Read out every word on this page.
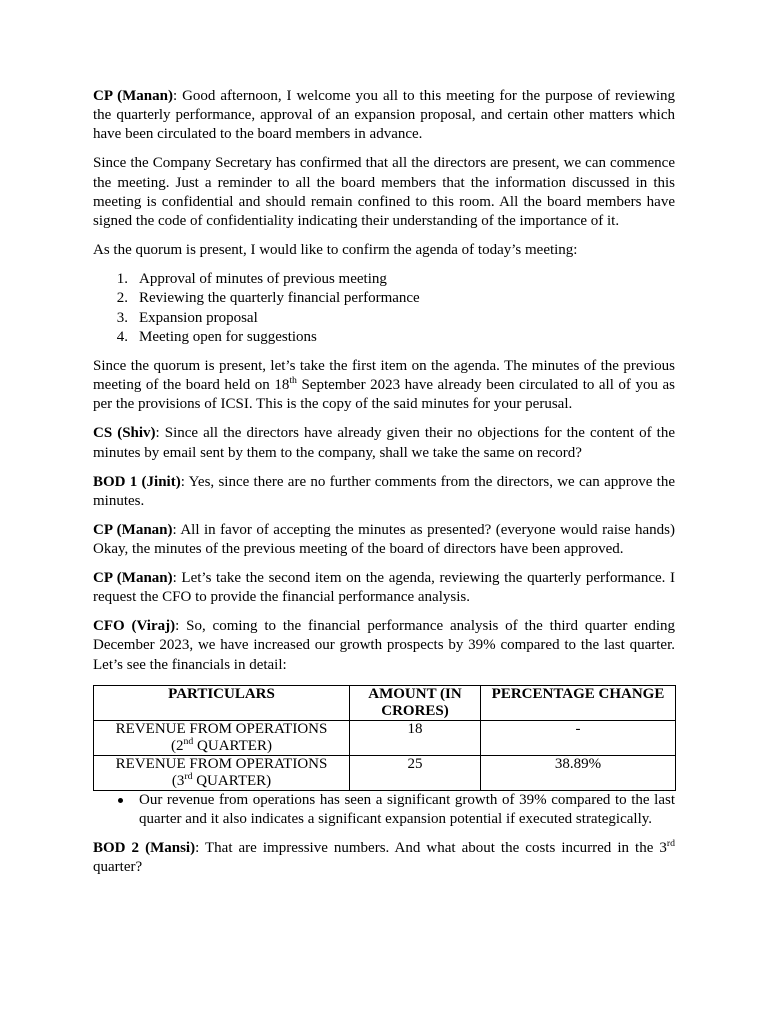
CP (Manan): Good afternoon, I welcome you all to this meeting for the purpose of reviewing the quarterly performance, approval of an expansion proposal, and certain other matters which have been circulated to the board members in advance.

Since the Company Secretary has confirmed that all the directors are present, we can commence the meeting. Just a reminder to all the board members that the information discussed in this meeting is confidential and should remain confined to this room. All the board members have signed the code of confidentiality indicating their understanding of the importance of it.

As the quorum is present, I would like to confirm the agenda of today’s meeting:

1. Approval of minutes of previous meeting
2. Reviewing the quarterly financial performance
3. Expansion proposal
4. Meeting open for suggestions

Since the quorum is present, let’s take the first item on the agenda. The minutes of the previous meeting of the board held on 18th September 2023 have already been circulated to all of you as per the provisions of ICSI. This is the copy of the said minutes for your perusal.

CS (Shiv): Since all the directors have already given their no objections for the content of the minutes by email sent by them to the company, shall we take the same on record?

BOD 1 (Jinit): Yes, since there are no further comments from the directors, we can approve the minutes.

CP (Manan): All in favor of accepting the minutes as presented? (everyone would raise hands) Okay, the minutes of the previous meeting of the board of directors have been approved.

CP (Manan): Let’s take the second item on the agenda, reviewing the quarterly performance. I request the CFO to provide the financial performance analysis.

CFO (Viraj): So, coming to the financial performance analysis of the third quarter ending December 2023, we have increased our growth prospects by 39% compared to the last quarter. Let’s see the financials in detail:

PARTICULARS	AMOUNT (IN CRORES)	PERCENTAGE CHANGE
REVENUE FROM OPERATIONS
(2nd QUARTER)	18	-
REVENUE FROM OPERATIONS
(3rd QUARTER)	25	38.89%
Our revenue from operations has seen a significant growth of 39% compared to the last quarter and it also indicates a significant expansion potential if executed strategically.

BOD 2 (Mansi): That are impressive numbers. And what about the costs incurred in the 3rd quarter?
